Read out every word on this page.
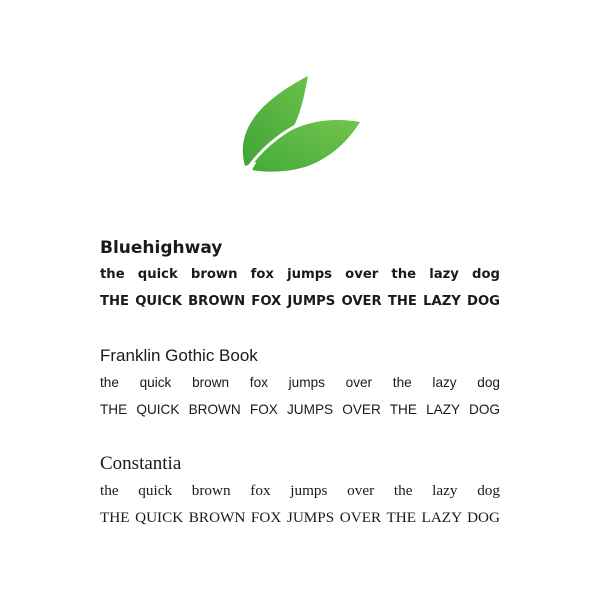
Bluehighway
the quick brown fox jumps over the lazy dog
THE QUICK BROWN FOX JUMPS OVER THE LAZY DOG
Franklin Gothic Book
the quick brown fox jumps over the lazy dog
THE QUICK BROWN FOX JUMPS OVER THE LAZY DOG
Constantia
the quick brown fox jumps over the lazy dog
THE QUICK BROWN FOX JUMPS OVER THE LAZY DOG
